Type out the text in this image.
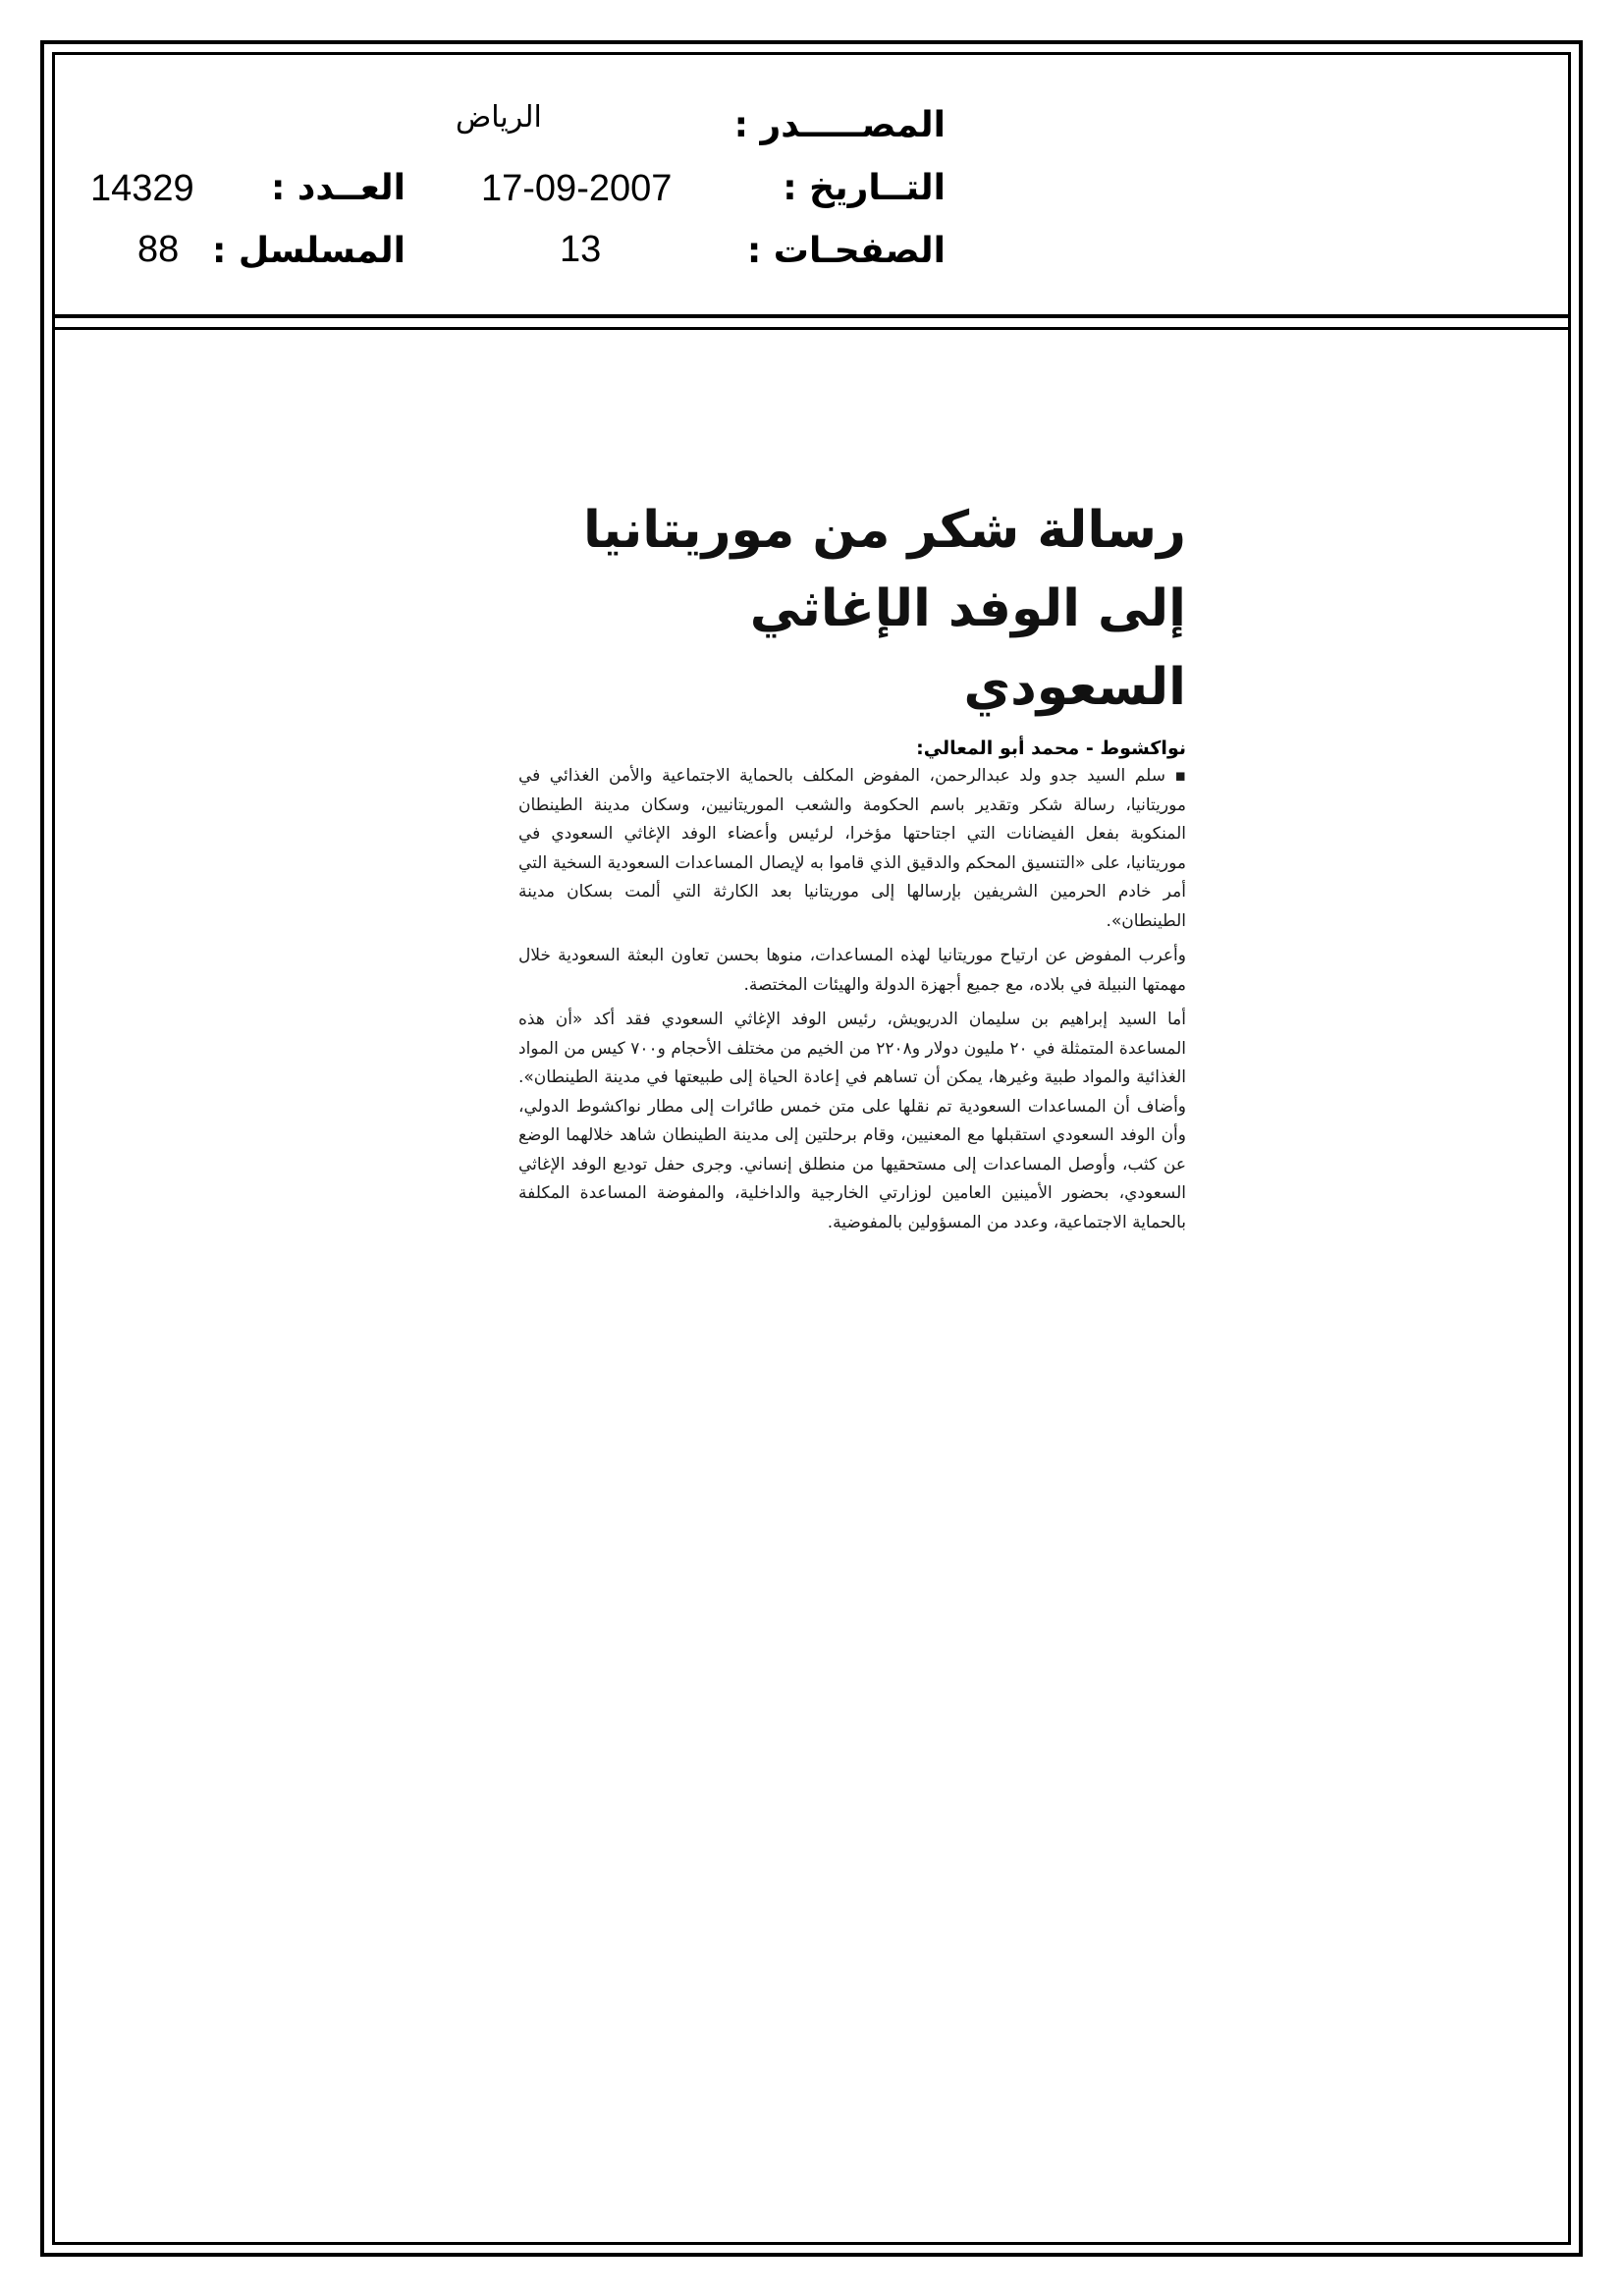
المصـــــدر :
التــاريخ :
الصفحـات :
الرياض
17-09-2007
13
العــدد :
المسلسل :
14329
88
رسالة شكر من موريتانيا إلى الوفد الإغاثي السعودي
نواكشوط - محمد أبو المعالي:

▪ سلم السيد جدو ولد عبدالرحمن، المفوض المكلف بالحماية الاجتماعية والأمن الغذائي في موريتانيا، رسالة شكر وتقدير باسم الحكومة والشعب الموريتانيين، وسكان مدينة الطينطان المنكوبة بفعل الفيضانات التي اجتاحتها مؤخرا، لرئيس وأعضاء الوفد الإغاثي السعودي في موريتانيا، على «التنسيق المحكم والدقيق الذي قاموا به لإيصال المساعدات السعودية السخية التي أمر خادم الحرمين الشريفين بإرسالها إلى موريتانيا بعد الكارثة التي ألمت بسكان مدينة الطينطان».

وأعرب المفوض عن ارتياح موريتانيا لهذه المساعدات، منوها بحسن تعاون البعثة السعودية خلال مهمتها النبيلة في بلاده، مع جميع أجهزة الدولة والهيئات المختصة.

أما السيد إبراهيم بن سليمان الدريويش، رئيس الوفد الإغاثي السعودي فقد أكد «أن هذه المساعدة المتمثلة في ٢٠ مليون دولار و٢٢٠٨ من الخيم من مختلف الأحجام و٧٠٠ كيس من المواد الغذائية والمواد طبية وغيرها، يمكن أن تساهم في إعادة الحياة إلى طبيعتها في مدينة الطينطان». وأضاف أن المساعدات السعودية تم نقلها على متن خمس طائرات إلى مطار نواكشوط الدولي، وأن الوفد السعودي استقبلها مع المعنيين، وقام برحلتين إلى مدينة الطينطان شاهد خلالهما الوضع عن كثب، وأوصل المساعدات إلى مستحقيها من منطلق إنساني. وجرى حفل توديع الوفد الإغاثي السعودي، بحضور الأمينين العامين لوزارتي الخارجية والداخلية، والمفوضة المساعدة المكلفة بالحماية الاجتماعية، وعدد من المسؤولين بالمفوضية.
